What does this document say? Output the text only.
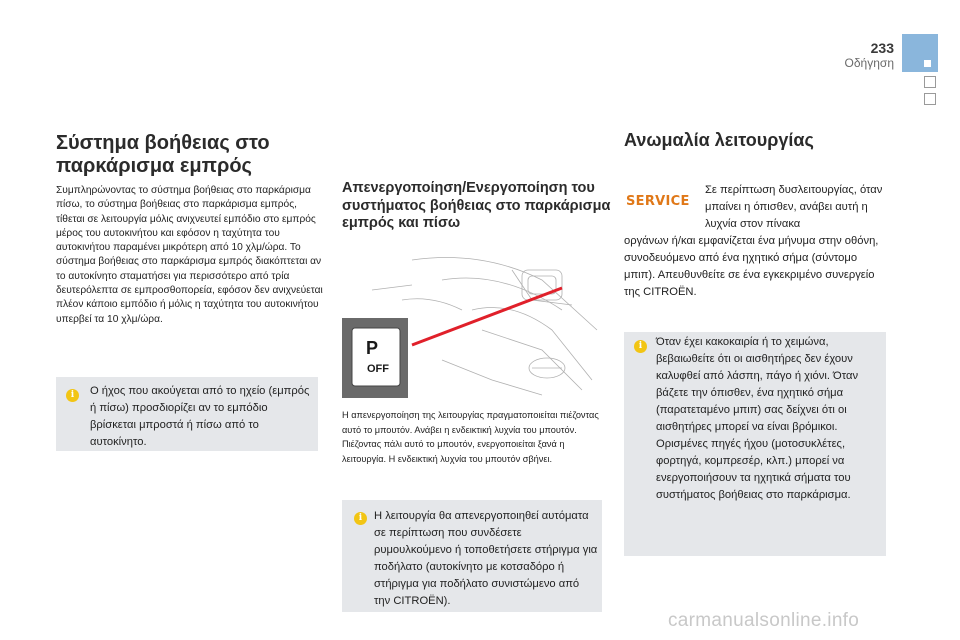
233
Οδήγηση
Σύστημα βοήθειας στο παρκάρισμα εμπρός
Συμπληρώνοντας το σύστημα βοήθειας στο παρκάρισμα πίσω, το σύστημα βοήθειας στο παρκάρισμα εμπρός, τίθεται σε λειτουργία μόλις ανιχνευτεί εμπόδιο στο εμπρός μέρος του αυτοκινήτου και εφόσον η ταχύτητα του αυτοκινήτου παραμένει μικρότερη από 10 χλμ/ώρα. Το σύστημα βοήθειας στο παρκάρισμα εμπρός διακόπτεται αν το αυτοκίνητο σταματήσει για περισσότερο από τρία δευτερόλεπτα σε εμπροσθοπορεία, εφόσον δεν ανιχνεύεται πλέον κάποιο εμπόδιο ή μόλις η ταχύτητα του αυτοκινήτου υπερβεί τα 10 χλμ/ώρα.
i	Ο ήχος που ακούγεται από το ηχείο (εμπρός ή πίσω) προσδιορίζει αν το εμπόδιο βρίσκεται μπροστά ή πίσω από το αυτοκίνητο.

Απενεργοποίηση/Ενεργοποίηση του συστήματος βοήθειας στο παρκάρισμα εμπρός και πίσω
P
OFF
Η απενεργοποίηση της λειτουργίας πραγματοποιείται πιέζοντας αυτό το μπουτόν. Ανάβει η ενδεικτική λυχνία του μπουτόν. Πιέζοντας πάλι αυτό το μπουτόν, ενεργοποιείται ξανά η λειτουργία. Η ενδεικτική λυχνία του μπουτόν σβήνει.
i	Η λειτουργία θα απενεργοποιηθεί αυτόματα σε περίπτωση που συνδέσετε ρυμουλκούμενο ή τοποθετήσετε στήριγμα για ποδήλατο (αυτοκίνητο με κοτσαδόρο ή στήριγμα για ποδήλατο συνιστώμενο από την CITROËN).

Ανωμαλία λειτουργίας
SERVICE
Σε περίπτωση δυσλειτουργίας, όταν μπαίνει η όπισθεν, ανάβει αυτή η λυχνία στον πίνακα
οργάνων ή/και εμφανίζεται ένα μήνυμα στην οθόνη, συνοδευόμενο από ένα ηχητικό σήμα (σύντομο μπιπ). Απευθυνθείτε σε ένα εγκεκριμένο συνεργείο της CITROËN.
i	Όταν έχει κακοκαιρία ή το χειμώνα, βεβαιωθείτε ότι οι αισθητήρες δεν έχουν καλυφθεί από λάσπη, πάγο ή χιόνι. Όταν βάζετε την όπισθεν, ένα ηχητικό σήμα (παρατεταμένο μπιπ) σας δείχνει ότι οι αισθητήρες μπορεί να είναι βρόμικοι. Ορισμένες πηγές ήχου (μοτοσυκλέτες, φορτηγά, κομπρεσέρ, κλπ.) μπορεί να ενεργοποιήσουν τα ηχητικά σήματα του συστήματος βοήθειας στο παρκάρισμα.

carmanualsonline.info
